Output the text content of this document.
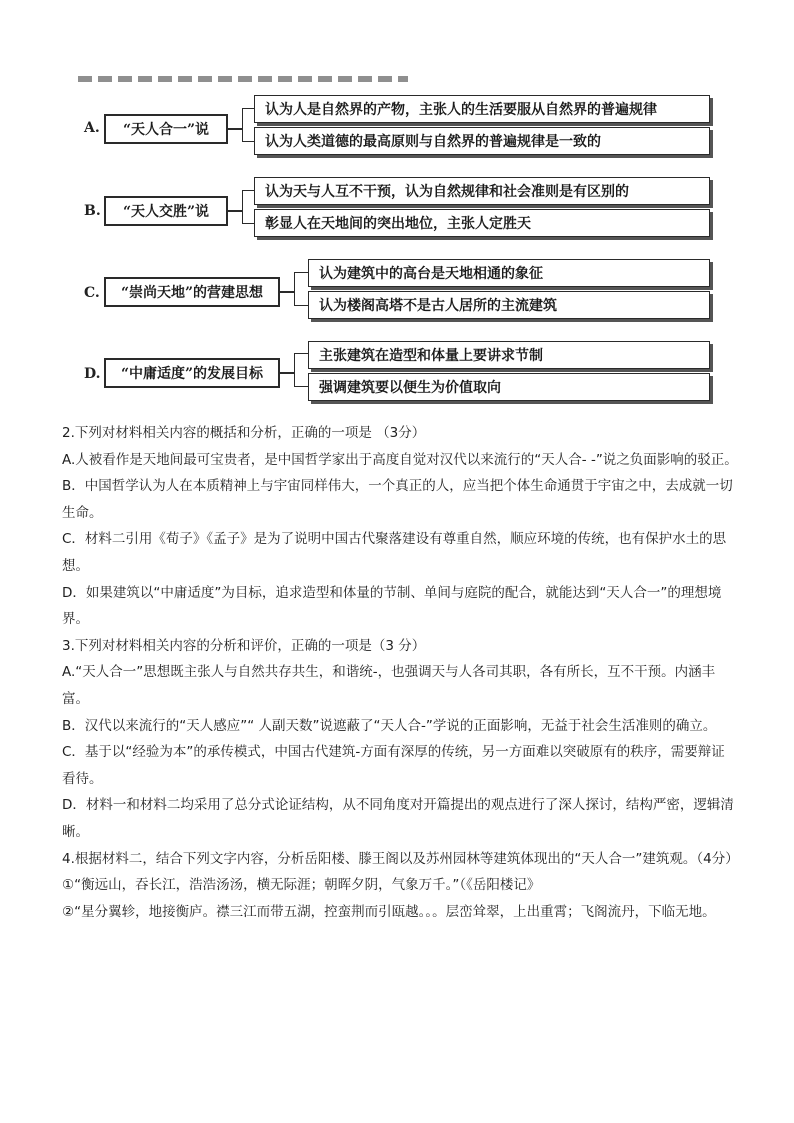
A.	“天人合一”说
认为人是自然界的产物，主张人的生活要服从自然界的普遍规律
认为人类道德的最高原则与自然界的普遍规律是一致的
B.	“天人交胜”说
认为天与人互不干预，认为自然规律和社会准则是有区别的
彰显人在天地间的突出地位，主张人定胜天
C.	“崇尚天地”的营建思想
认为建筑中的高台是天地相通的象征
认为楼阁高塔不是古人居所的主流建筑
D.	“中庸适度”的发展目标
主张建筑在造型和体量上要讲求节制
强调建筑要以便生为价值取向

2.下列对材料相关内容的概括和分析，正确的一项是 （3分）

A.人被看作是天地间最可宝贵者，是中国哲学家出于高度自觉对汉代以来流行的“天人合- -”说之负面影响的驳正。

B．中国哲学认为人在本质精神上与宇宙同样伟大，一个真正的人，应当把个体生命通贯于宇宙之中，去成就一切生命。

C．材料二引用《荀子》《孟子》是为了说明中国古代聚落建设有尊重自然，顺应环境的传统，也有保护水土的思想。

D．如果建筑以“中庸适度”为目标，追求造型和体量的节制、单间与庭院的配合，就能达到“天人合一”的理想境界。

3.下列对材料相关内容的分析和评价，正确的一项是（3 分）

A.“天人合一”思想既主张人与自然共存共生，和谐统-，也强调天与人各司其职，各有所长，互不干预。内涵丰富。

B．汉代以来流行的“天人感应”“ 人副天数”说遮蔽了“天人合-”学说的正面影响，无益于社会生活准则的确立。

C．基于以“经验为本”的承传模式，中国古代建筑-方面有深厚的传统，另一方面难以突破原有的秩序，需要辩证看待。

D．材料一和材料二均采用了总分式论证结构，从不同角度对开篇提出的观点进行了深人探讨，结构严密，逻辑清晰。

4.根据材料二，结合下列文字内容，分析岳阳楼、滕王阁以及苏州园林等建筑体现出的“天人合一”建筑观。（4分）

①“衡远山，吞长江，浩浩汤汤，横无际涯；朝晖夕阴，气象万千。”（《岳阳楼记》

②“星分翼轸，地接衡庐。襟三江而带五湖，控蛮荆而引瓯越。。。层峦耸翠，上出重霄；飞阁流丹，下临无地。
